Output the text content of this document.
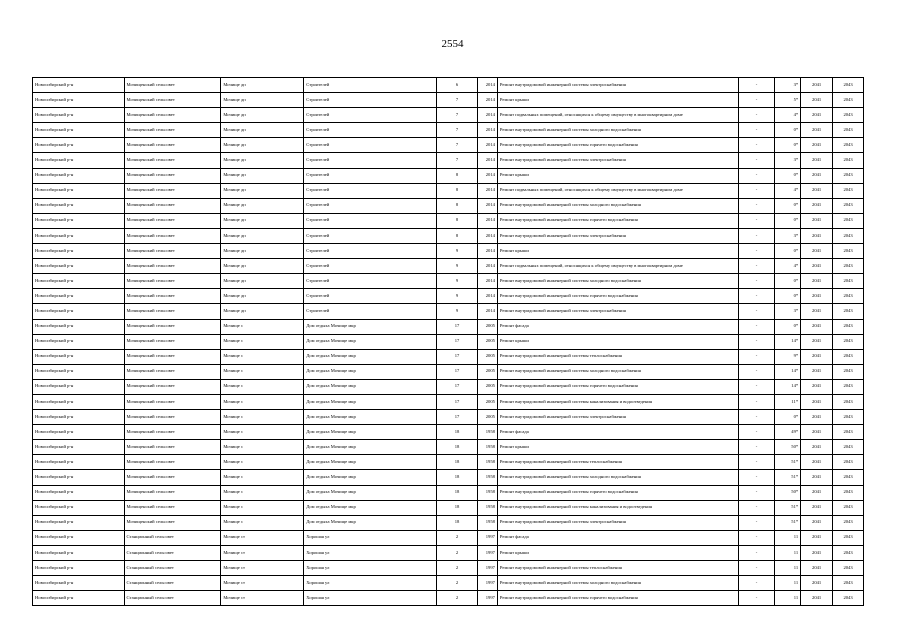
2554
Новосибирский р-н	Мочищенский сельсовет	Мочище дп	Строителей	6	2014	Ремонт внутридомовой инженерной системы электроснабжения	-	3*	2041	2043
Новосибирский р-н	Мочищенский сельсовет	Мочище дп	Строителей	7	2014	Ремонт крыши	-	5*	2041	2043
Новосибирский р-н	Мочищенский сельсовет	Мочище дп	Строителей	7	2014	Ремонт подвальных помещений, относящихся к общему имуществу в многоквартирном доме	-	4*	2041	2043
Новосибирский р-н	Мочищенский сельсовет	Мочище дп	Строителей	7	2014	Ремонт внутридомовой инженерной системы холодного водоснабжения	-	0*	2041	2043
Новосибирский р-н	Мочищенский сельсовет	Мочище дп	Строителей	7	2014	Ремонт внутридомовой инженерной системы горячего водоснабжения	-	0*	2041	2043
Новосибирский р-н	Мочищенский сельсовет	Мочище дп	Строителей	7	2014	Ремонт внутридомовой инженерной системы электроснабжения	-	3*	2041	2043
Новосибирский р-н	Мочищенский сельсовет	Мочище дп	Строителей	8	2014	Ремонт крыши	-	0*	2041	2043
Новосибирский р-н	Мочищенский сельсовет	Мочище дп	Строителей	8	2014	Ремонт подвальных помещений, относящихся к общему имуществу в многоквартирном доме	-	4*	2041	2043
Новосибирский р-н	Мочищенский сельсовет	Мочище дп	Строителей	8	2014	Ремонт внутридомовой инженерной системы холодного водоснабжения	-	0*	2041	2043
Новосибирский р-н	Мочищенский сельсовет	Мочище дп	Строителей	8	2014	Ремонт внутридомовой инженерной системы горячего водоснабжения	-	0*	2041	2043
Новосибирский р-н	Мочищенский сельсовет	Мочище дп	Строителей	8	2014	Ремонт внутридомовой инженерной системы электроснабжения	-	3*	2041	2043
Новосибирский р-н	Мочищенский сельсовет	Мочище дп	Строителей	9	2014	Ремонт крыши	-	0*	2041	2043
Новосибирский р-н	Мочищенский сельсовет	Мочище дп	Строителей	9	2014	Ремонт подвальных помещений, относящихся к общему имуществу в многоквартирном доме	-	4*	2041	2043
Новосибирский р-н	Мочищенский сельсовет	Мочище дп	Строителей	9	2014	Ремонт внутридомовой инженерной системы холодного водоснабжения	-	0*	2041	2043
Новосибирский р-н	Мочищенский сельсовет	Мочище дп	Строителей	9	2014	Ремонт внутридомовой инженерной системы горячего водоснабжения	-	0*	2041	2043
Новосибирский р-н	Мочищенский сельсовет	Мочище дп	Строителей	9	2014	Ремонт внутридомовой инженерной системы электроснабжения	-	3*	2041	2043
Новосибирский р-н	Мочищенский сельсовет	Мочище с	Дом отдыха Мочище мкр	17	2005	Ремонт фасада	-	0*	2041	2043
Новосибирский р-н	Мочищенский сельсовет	Мочище с	Дом отдыха Мочище мкр	17	2005	Ремонт крыши	-	14*	2041	2043
Новосибирский р-н	Мочищенский сельсовет	Мочище с	Дом отдыха Мочище мкр	17	2005	Ремонт внутридомовой инженерной системы теплоснабжения	-	9*	2041	2043
Новосибирский р-н	Мочищенский сельсовет	Мочище с	Дом отдыха Мочище мкр	17	2005	Ремонт внутридомовой инженерной системы холодного водоснабжения	-	14*	2041	2043
Новосибирский р-н	Мочищенский сельсовет	Мочище с	Дом отдыха Мочище мкр	17	2005	Ремонт внутридомовой инженерной системы горячего водоснабжения	-	14*	2041	2043
Новосибирский р-н	Мочищенский сельсовет	Мочище с	Дом отдыха Мочище мкр	17	2005	Ремонт внутридомовой инженерной системы канализования и водоотведения	-	11*	2041	2043
Новосибирский р-н	Мочищенский сельсовет	Мочище с	Дом отдыха Мочище мкр	17	2005	Ремонт внутридомовой инженерной системы электроснабжения	-	0*	2041	2043
Новосибирский р-н	Мочищенский сельсовет	Мочище с	Дом отдыха Мочище мкр	18	1958	Ремонт фасада	-	49*	2041	2043
Новосибирский р-н	Мочищенский сельсовет	Мочище с	Дом отдыха Мочище мкр	18	1958	Ремонт крыши	-	50*	2041	2043
Новосибирский р-н	Мочищенский сельсовет	Мочище с	Дом отдыха Мочище мкр	18	1958	Ремонт внутридомовой инженерной системы теплоснабжения	-	51*	2041	2043
Новосибирский р-н	Мочищенский сельсовет	Мочище с	Дом отдыха Мочище мкр	18	1958	Ремонт внутридомовой инженерной системы холодного водоснабжения	-	51*	2041	2043
Новосибирский р-н	Мочищенский сельсовет	Мочище с	Дом отдыха Мочище мкр	18	1958	Ремонт внутридомовой инженерной системы горячего водоснабжения	-	50*	2041	2043
Новосибирский р-н	Мочищенский сельсовет	Мочище с	Дом отдыха Мочище мкр	18	1958	Ремонт внутридомовой инженерной системы канализования и водоотведения	-	51*	2041	2043
Новосибирский р-н	Мочищенский сельсовет	Мочище с	Дом отдыха Мочище мкр	18	1958	Ремонт внутридомовой инженерной системы электроснабжения	-	51*	2041	2043
Новосибирский р-н	Станционный сельсовет	Мочище ст	Хорошая ул	2	1997	Ремонт фасада	-	11	2041	2043
Новосибирский р-н	Станционный сельсовет	Мочище ст	Хорошая ул	2	1997	Ремонт крыши	-	11	2041	2043
Новосибирский р-н	Станционный сельсовет	Мочище ст	Хорошая ул	2	1997	Ремонт внутридомовой инженерной системы теплоснабжения	-	11	2041	2043
Новосибирский р-н	Станционный сельсовет	Мочище ст	Хорошая ул	2	1997	Ремонт внутридомовой инженерной системы холодного водоснабжения	-	11	2041	2043
Новосибирский р-н	Станционный сельсовет	Мочище ст	Хорошая ул	2	1997	Ремонт внутридомовой инженерной системы горячего водоснабжения	-	11	2041	2043
